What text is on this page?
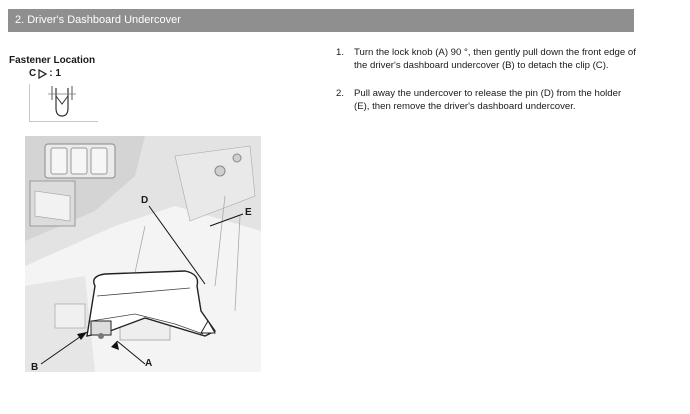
2. Driver's Dashboard Undercover
Fastener Location
C : 1
D
E
B	A
1.	Turn the lock knob (A) 90 °, then gently pull down the front edge of the driver's dashboard undercover (B) to detach the clip (C).
2.	Pull away the undercover to release the pin (D) from the holder (E), then remove the driver's dashboard undercover.
